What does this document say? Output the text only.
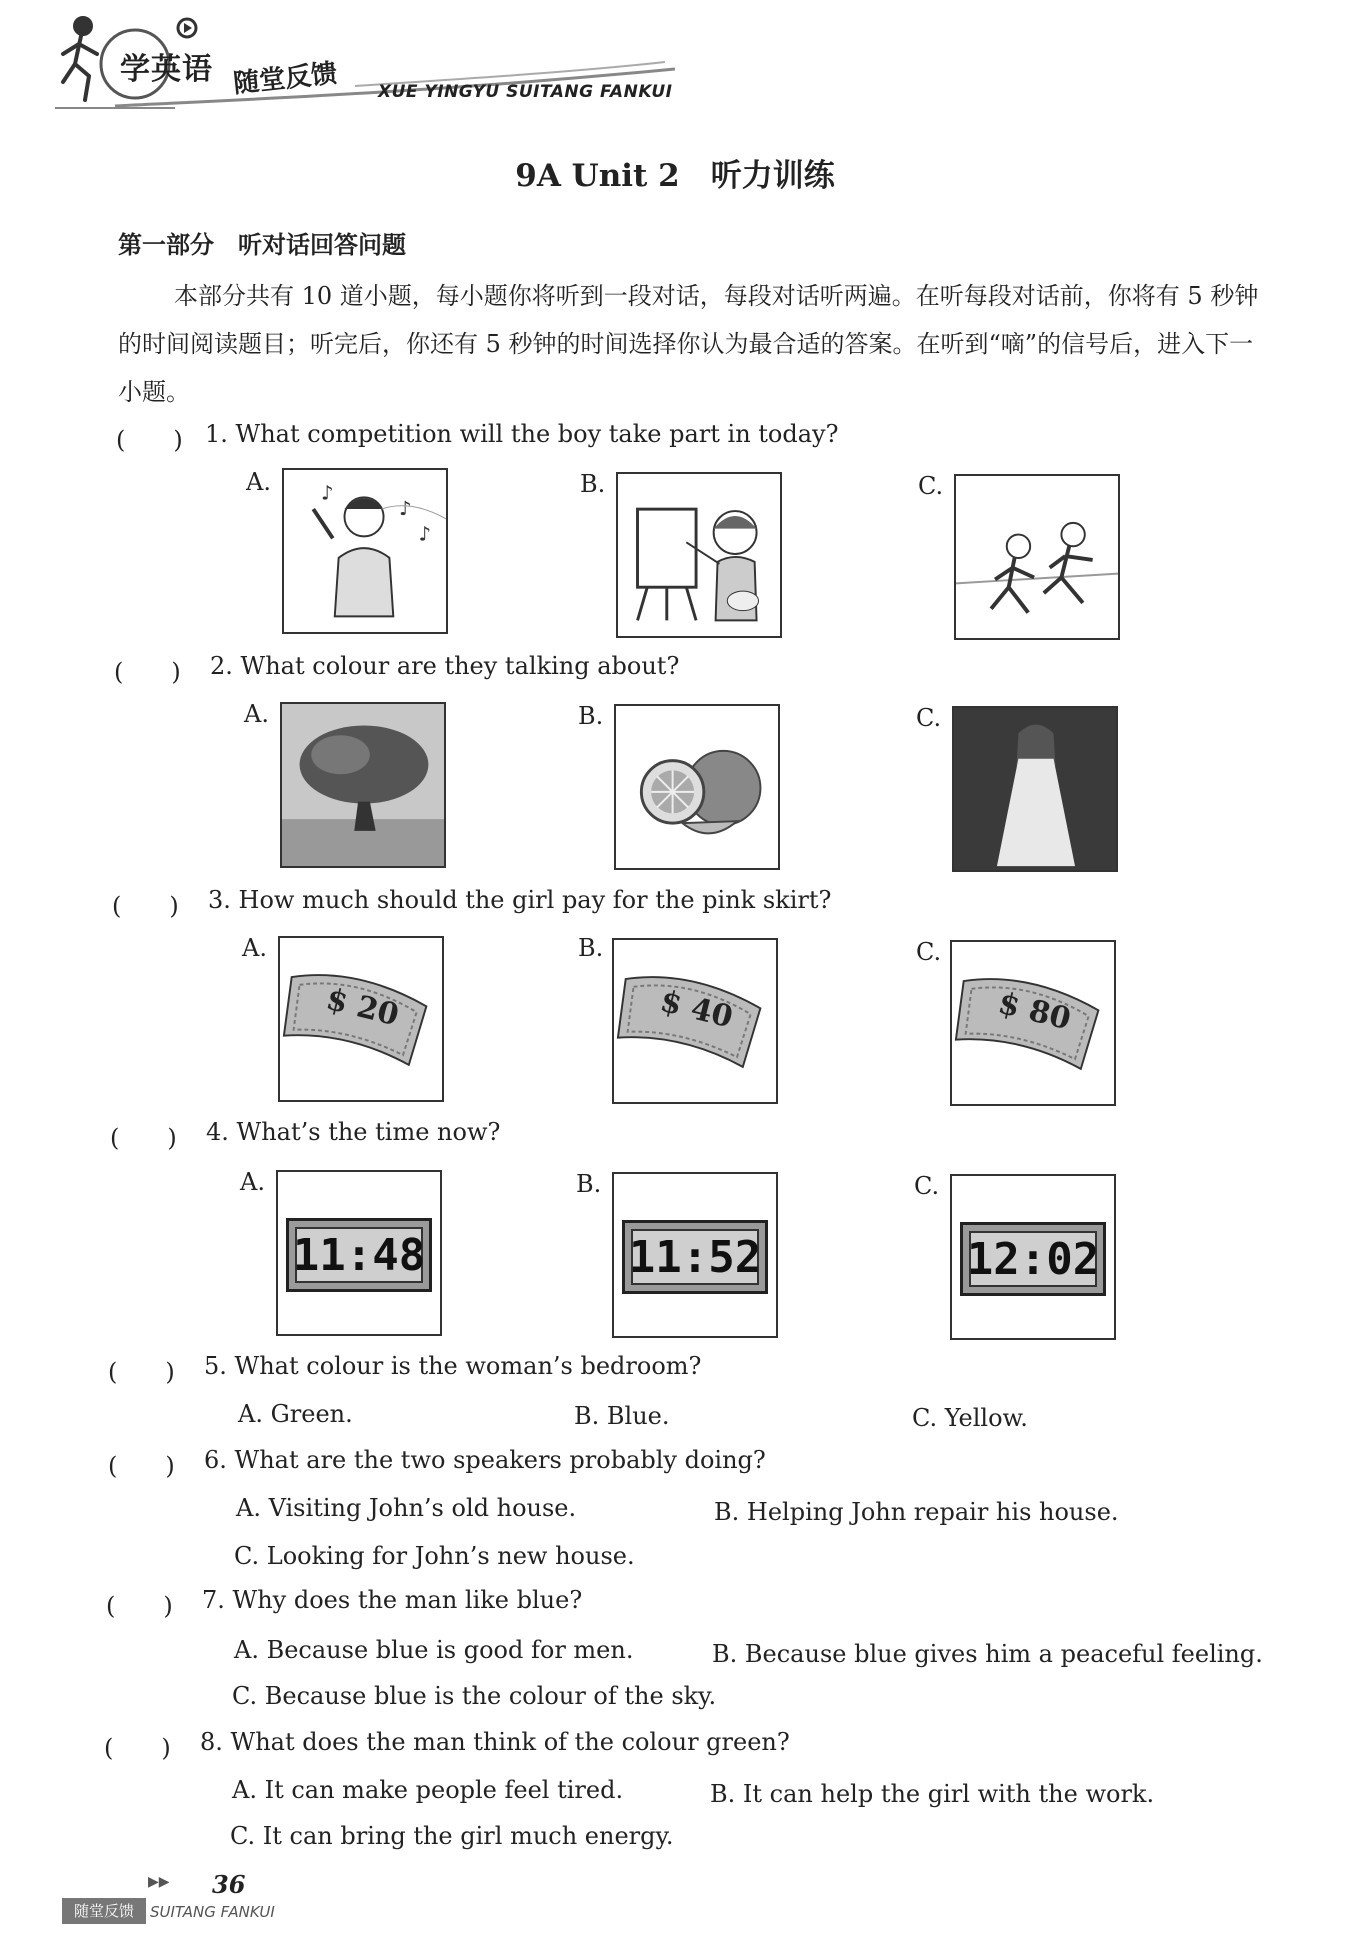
学英语 随堂反馈 XUE YINGYU SUITANG FANKUI
9A Unit 2　听力训练
第一部分　听对话回答问题
本部分共有 10 道小题，每小题你将听到一段对话，每段对话听两遍。在听每段对话前，你将有 5 秒钟的时间阅读题目；听完后，你还有 5 秒钟的时间选择你认为最合适的答案。在听到“嘀”的信号后，进入下一小题。
(　　) 1. What competition will the boy take part in today?
A.	♪
♪
♪
B.	C.
(　　) 2. What colour are they talking about?
A.	B.	C.
(　　) 3. How much should the girl pay for the pink skirt?
A.
$ 20
B.
$ 40
C.
$ 80
(　　) 4. What’s the time now?
A.
11:48
B.
11:52
C.
12:02
(　　) 5. What colour is the woman’s bedroom?
A. Green.	B. Blue.	C. Yellow.
(　　) 6. What are the two speakers probably doing?
A. Visiting John’s old house.	B. Helping John repair his house.
C. Looking for John’s new house.
(　　) 7. Why does the man like blue?
A. Because blue is good for men.	B. Because blue gives him a peaceful feeling.
C. Because blue is the colour of the sky.
(　　) 8. What does the man think of the colour green?
A. It can make people feel tired.	B. It can help the girl with the work.
C. It can bring the girl much energy.
▶▶ 36
随堂反馈	SUITANG FANKUI
